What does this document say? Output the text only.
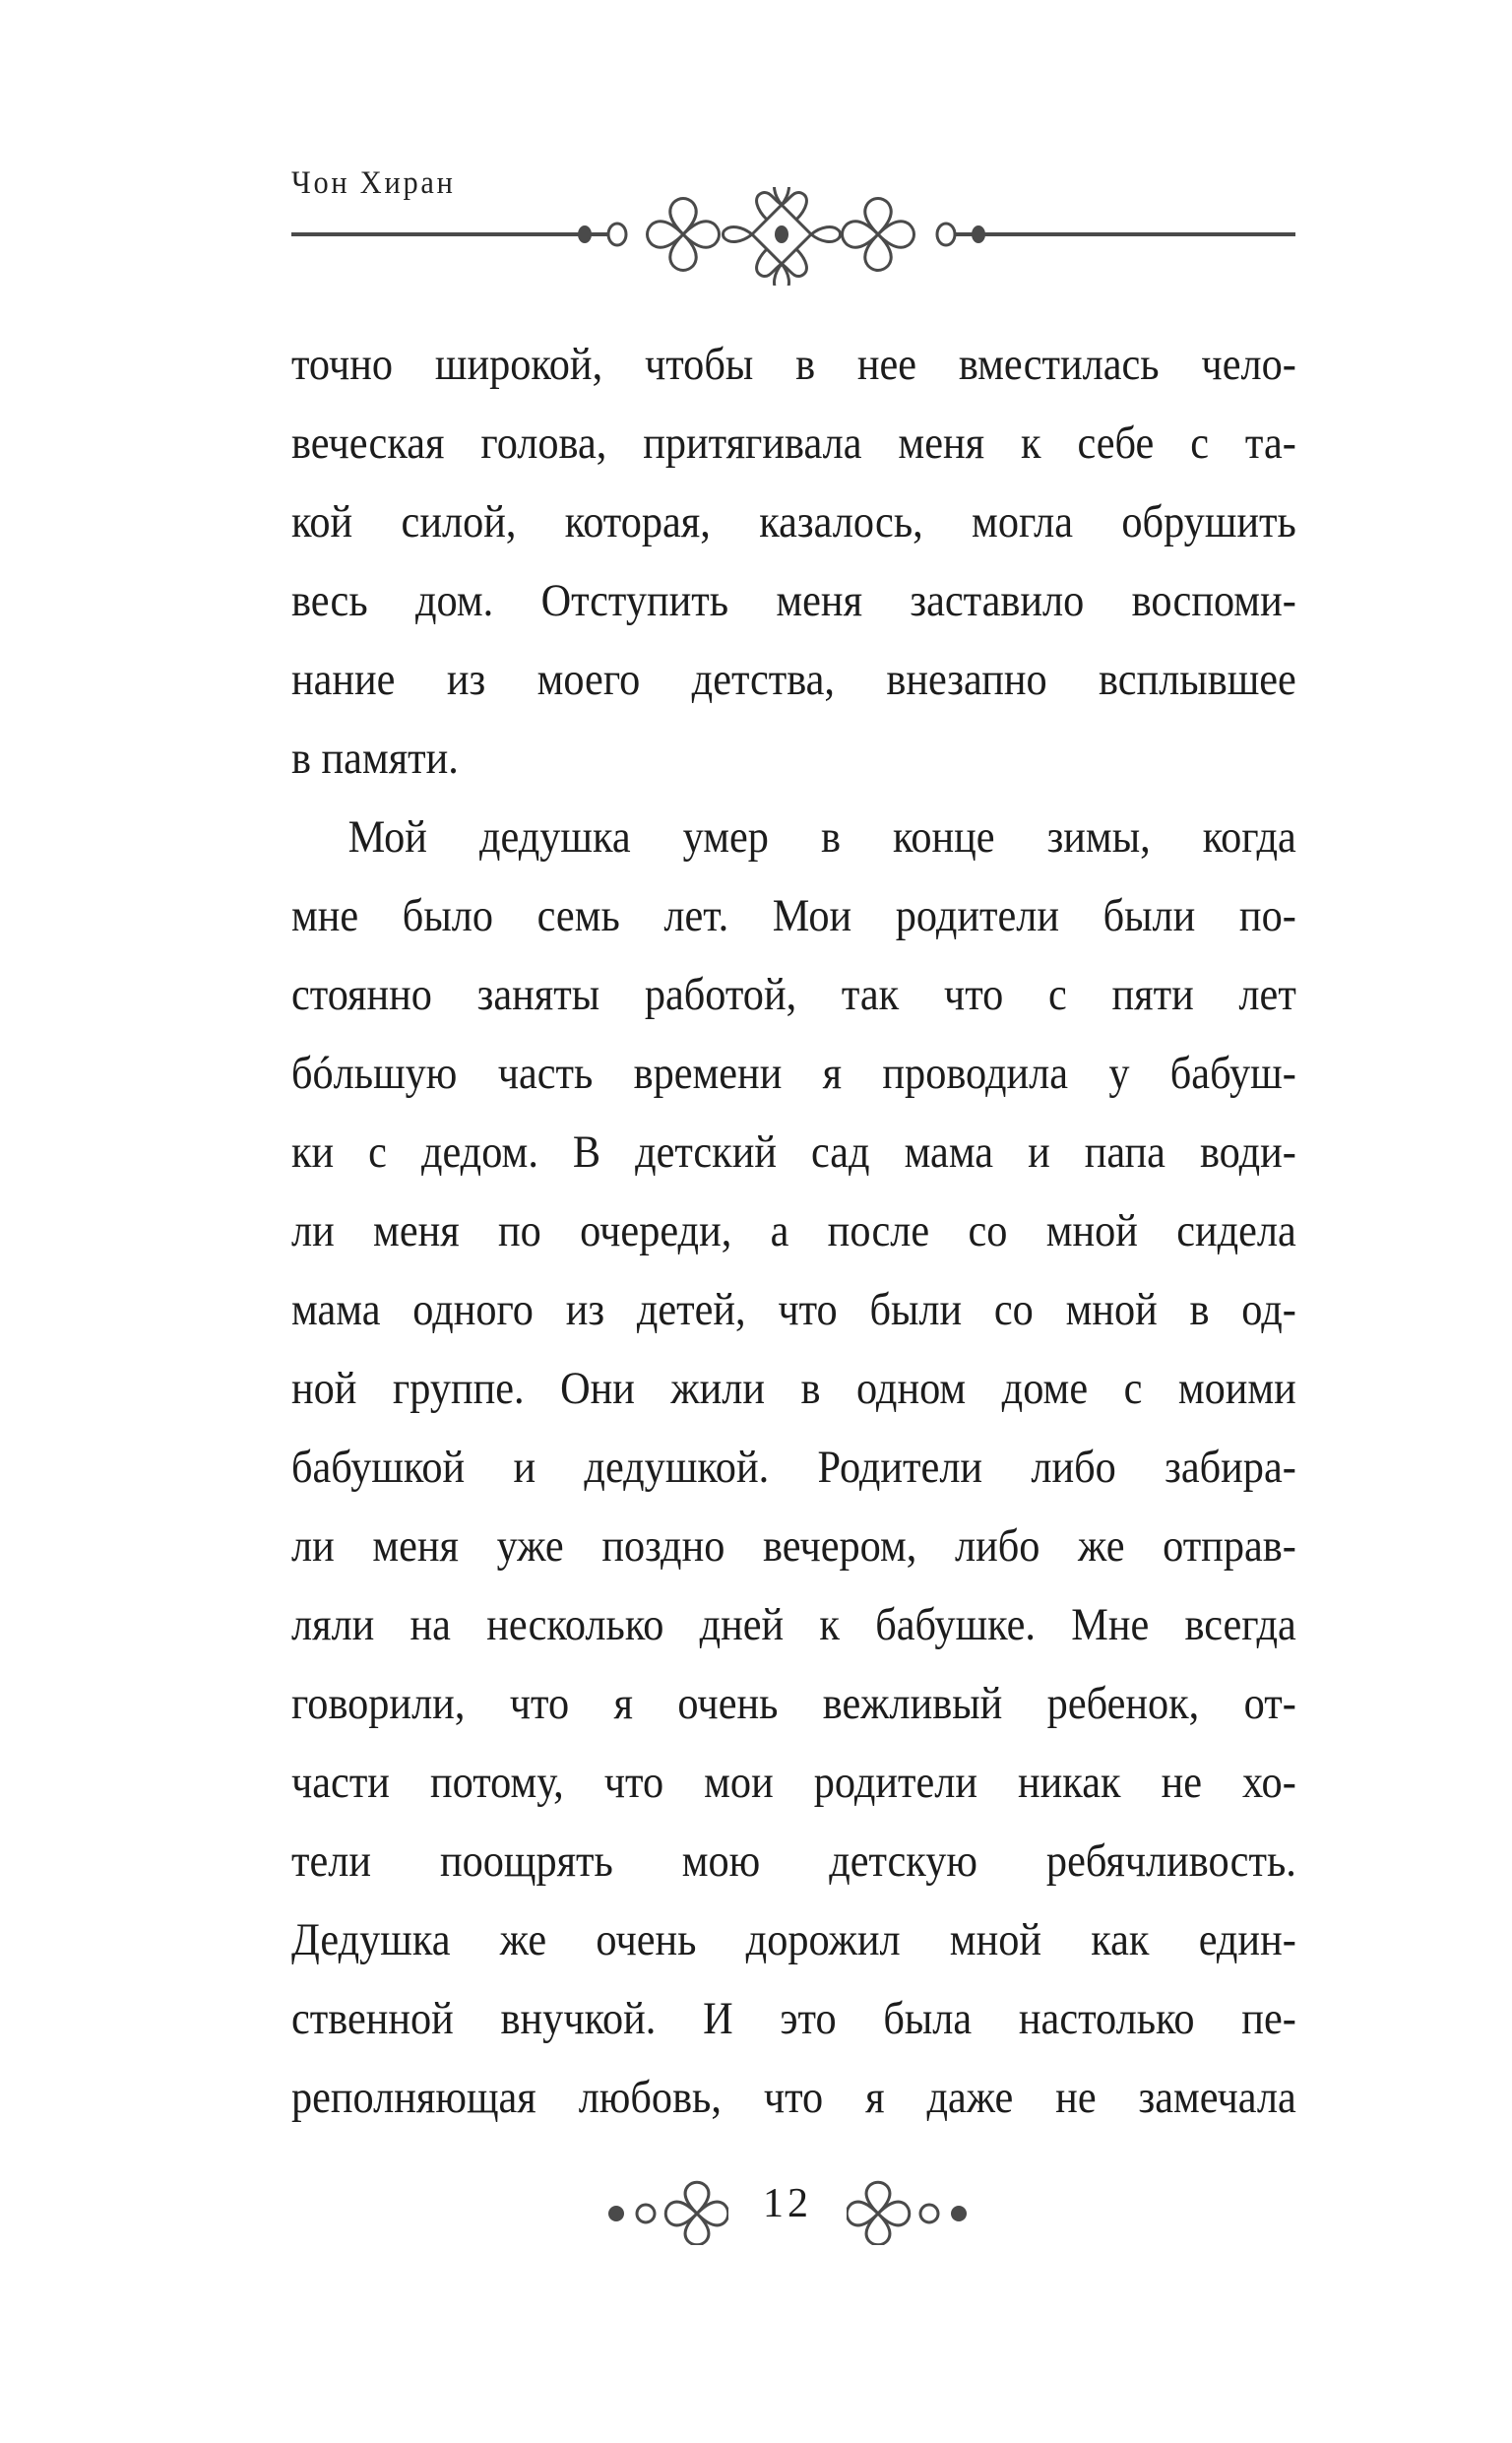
Чон Хиран
точно широкой, чтобы в нее вместилась чело-
веческая голова, притягивала меня к себе с та-
кой силой, которая, казалось, могла обрушить
весь дом. Отступить меня заставило воспоми-
нание из моего детства, внезапно всплывшее
в памяти.
Мой дедушка умер в конце зимы, когда
мне было семь лет. Мои родители были по-
стоянно заняты работой, так что с пяти лет
бóльшую часть времени я проводила у бабуш-
ки с дедом. В детский сад мама и папа води-
ли меня по очереди, а после со мной сидела
мама одного из детей, что были со мной в од-
ной группе. Они жили в одном доме с моими
бабушкой и дедушкой. Родители либо забира-
ли меня уже поздно вечером, либо же отправ-
ляли на несколько дней к бабушке. Мне всегда
говорили, что я очень вежливый ребенок, от-
части потому, что мои родители никак не хо-
тели поощрять мою детскую ребячливость.
Дедушка же очень дорожил мной как един-
ственной внучкой. И это была настолько пе-
реполняющая любовь, что я даже не замечала
12
